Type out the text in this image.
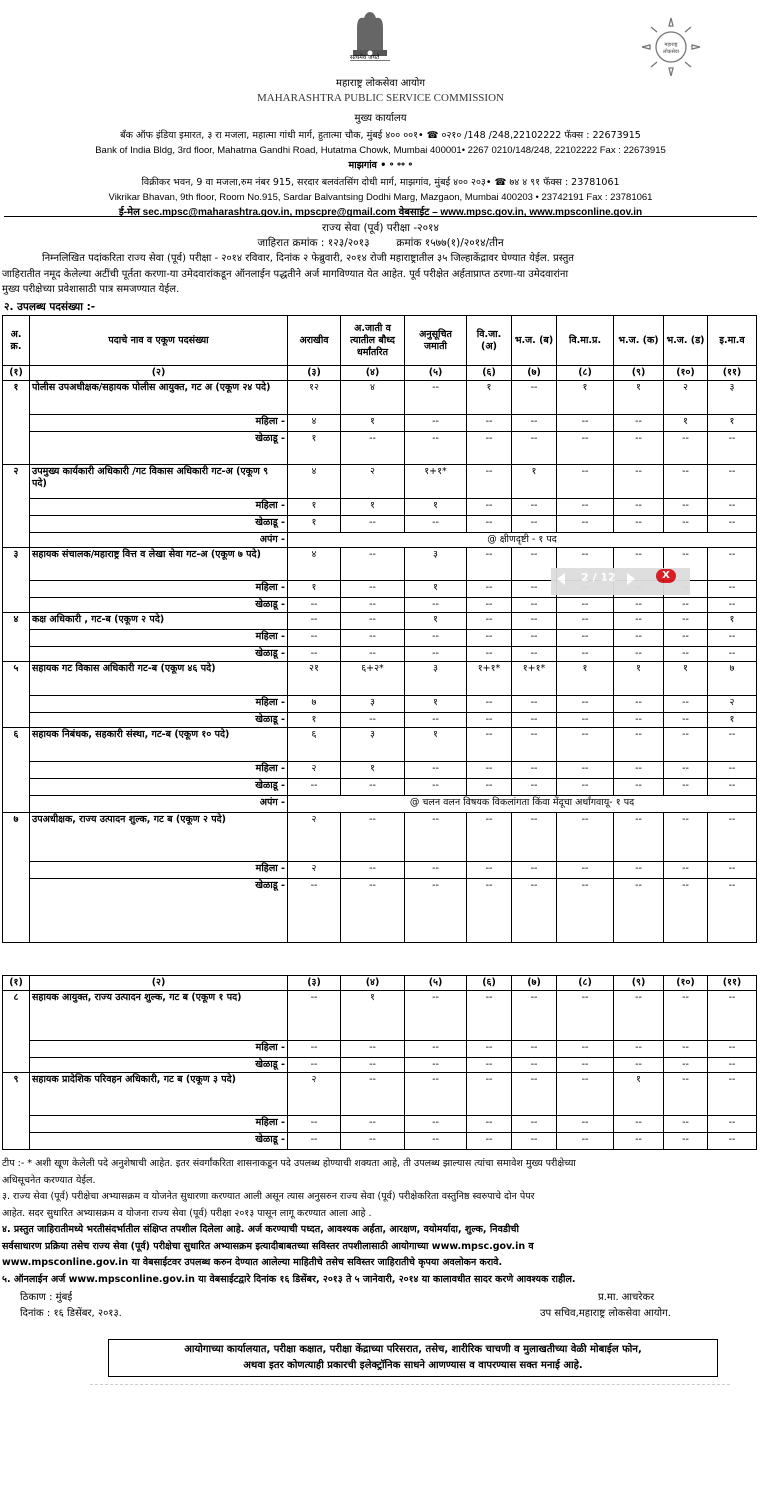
सत्यमेव जयते
महाराष्ट्र
लोकसेवा
महाराष्ट्र लोकसेवा आयोग
MAHARASHTRA PUBLIC SERVICE COMMISSION
मुख्य कार्यालय
बँक ऑफ इंडिया इमारत, ३ रा मजला, महात्मा गांधी मार्ग, हुतात्मा चौक, मुंबई ४०० ००१• ☎ ०२१० /148 /248,22102222 फॅक्स : 22673915
Bank of India Bldg, 3rd floor, Mahatma Gandhi Road, Hutatma Chowk, Mumbai 400001• 2267 0210/148/248, 22102222 Fax : 22673915
माझगांव • ॰ ॰॰ ॰
विक्रीकर भवन, 9 वा मजला,रुम नंबर 915, सरदार बलवंतसिंग दोधी मार्ग, माझगांव, मुंबई ४०० २०३• ☎ ७४ ४ ९१ फॅक्स : 23781061
Vikrikar Bhavan, 9th floor, Room No.915, Sardar Balvantsing Dodhi Marg, Mazgaon, Mumbai 400203 • 23742191 Fax : 23781061
ई-मेल sec.mpsc@maharashtra.gov.in, mpscpre@gmail.com वेबसाईट – www.mpsc.gov.in, www.mpsconline.gov.in
राज्य सेवा (पूर्व) परीक्षा -२०१४
जाहिरात क्रमांक : १२३/२०१३        क्रमांक १५७७(१)/२०१४/तीन
निम्नलिखित पदांकरिता राज्य सेवा (पूर्व) परीक्षा - २०१४ रविवार, दिनांक २ फेब्रुवारी, २०१४ रोजी महाराष्ट्रातील ३५ जिल्हाकेंद्रावर घेण्यात येईल. प्रस्तुत
जाहिरातीत नमूद केलेल्या अटींची पूर्तता करणा-या उमेदवारांकडून ऑनलाईन पद्धतीने अर्ज मागविण्यात येत आहेत. पूर्व परीक्षेत अर्हताप्राप्त ठरणा-या उमेदवारांना
मुख्य परीक्षेच्या प्रवेशासाठी पात्र समजण्यात येईल.
२. उपलब्ध पदसंख्या :-
अ. क्र.	पदाचे नाव व एकूण पदसंख्या	अराखीव	अ.जाती व त्यातील बौध्द धर्मांतरित	अनुसूचित जमाती	वि.जा. (अ)	भ.ज. (ब)	वि.मा.प्र.	भ.ज. (क)	भ.ज. (ड)	इ.मा.व
(१)	(२)	(३)	(४)	(५)	(६)	(७)	(८)	(९)	(१०)	(११)
१	पोलीस उपअधीक्षक/सहायक पोलीस आयुक्त, गट अ (एकूण २४ पदे)	१२	४	--	१	--	१	१	२	३
	महिला -	४	१	--	--	--	--	--	१	१
	खेळाडू -	१	--	--	--	--	--	--	--	--
२	उपमुख्य कार्यकारी अधिकारी /गट विकास अधिकारी गट-अ (एकूण ९ पदे)	४	२	१+१*	--	१	--	--	--	--
	महिला -	१	१	१	--	--	--	--	--	--
	खेळाडू -	१	--	--	--	--	--	--	--	--
	अपंग -	@ क्षीणदृष्टी - १ पद								
३	सहायक संचालक/महाराष्ट्र वित्त व लेखा सेवा गट-अ (एकूण ७ पदे)	४	--	३	--	--	--	--	--	--
	महिला -	१	--	१	--	--				--
	खेळाडू -	--	--	--	--	--	--	--	--	--
४	कक्ष अधिकारी , गट-ब (एकूण २ पदे)	--	--	१	--	--	--	--	--	१
	महिला -	--	--	--	--	--	--	--	--	--
	खेळाडू -	--	--	--	--	--	--	--	--	--
५	सहायक गट विकास अधिकारी गट-ब (एकूण ४६ पदे)	२१	६+२*	३	१+१*	१+१*	१	१	१	७
	महिला -	७	३	१	--	--	--	--	--	२
	खेळाडू -	१	--	--	--	--	--	--	--	१
६	सहायक निबंधक, सहकारी संस्था, गट-ब (एकूण १० पदे)	६	३	१	--	--	--	--	--	--
	महिला -	२	१	--	--	--	--	--	--	--
	खेळाडू -	--	--	--	--	--	--	--	--	--
	अपंग -	@ चलन वलन विषयक विकलांगता किंवा मेंदूचा अर्धांगवायू- १ पद								
७	उपअधीक्षक, राज्य उत्पादन शुल्क, गट ब (एकूण २ पदे)	२	--	--	--	--	--	--	--	--
	महिला -	२	--	--	--	--	--	--	--	--
	खेळाडू -	--	--	--	--	--	--	--	--	--
(१)	(२)	(३)	(४)	(५)	(६)	(७)	(८)	(९)	(१०)	(११)
८	सहायक आयुक्त, राज्य उत्पादन शुल्क, गट ब (एकूण १ पद)	--	१	--	--	--	--	--	--	--
	महिला -	--	--	--	--	--	--	--	--	--
	खेळाडू -	--	--	--	--	--	--	--	--	--
९	सहायक प्रादेशिक परिवहन अधिकारी, गट ब (एकूण ३ पदे)	२	--	--	--	--	--	१	--	--
	महिला -	--	--	--	--	--	--	--	--	--
	खेळाडू -	--	--	--	--	--	--	--	--	--
2 / 12	X
टीप :- * अशी खूण केलेली पदे अनुशेषाची आहेत. इतर संवर्गांकरिता शासनाकडून पदे उपलब्ध होण्याची शक्यता आहे, ती उपलब्ध झाल्यास त्यांचा समावेश मुख्य परीक्षेच्या
अधिसूचनेत करण्यात येईल.
३. राज्य सेवा (पूर्व) परीक्षेचा अभ्यासक्रम व योजनेत सुधारणा करण्यात आली असून त्यास अनुसरुन राज्य सेवा (पूर्व) परीक्षेकरिता वस्तुनिष्ठ स्वरुपाचे दोन पेपर
आहेत. सदर सुधारित अभ्यासक्रम व योजना राज्य सेवा (पूर्व) परीक्षा २०१३ पासून लागू करण्यात आला आहे .
४. प्रस्तुत जाहिरातीमध्ये भरतीसंदर्भातील संक्षिप्त तपशील दिलेला आहे. अर्ज करण्याची पध्दत, आवश्यक अर्हता, आरक्षण, वयोमर्यादा, शुल्क, निवडीची
सर्वसाधारण प्रक्रिया तसेच राज्य सेवा (पूर्व) परीक्षेचा सुधारित अभ्यासक्रम इत्यादीबाबतच्या सविस्तर तपशीलासाठी आयोगाच्या www.mpsc.gov.in व
www.mpsconline.gov.in या वेबसाईटवर उपलब्ध करुन देण्यात आलेल्या माहितीचे तसेच सविस्तर जाहिरातीचे कृपया अवलोकन करावे.
५. ऑनलाईन अर्ज www.mpsconline.gov.in या वेबसाईटद्वारे दिनांक १६ डिसेंबर, २०१३ ते ५ जानेवारी, २०१४ या कालावधीत सादर करणे आवश्यक राहील.
ठिकाण : मुंबई
दिनांक : १६ डिसेंबर, २०१३.
प्र.मा. आचरेकर
उप सचिव,महाराष्ट्र लोकसेवा आयोग.
आयोगाच्या कार्यालयात, परीक्षा कक्षात, परीक्षा केंद्राच्या परिसरात, तसेच, शारीरिक चाचणी व मुलाखतीच्या वेळी मोबाईल फोन,
अथवा इतर कोणत्याही प्रकारची इलेक्ट्रॉनिक साधने आणण्यास व वापरण्यास सक्त मनाई आहे.
